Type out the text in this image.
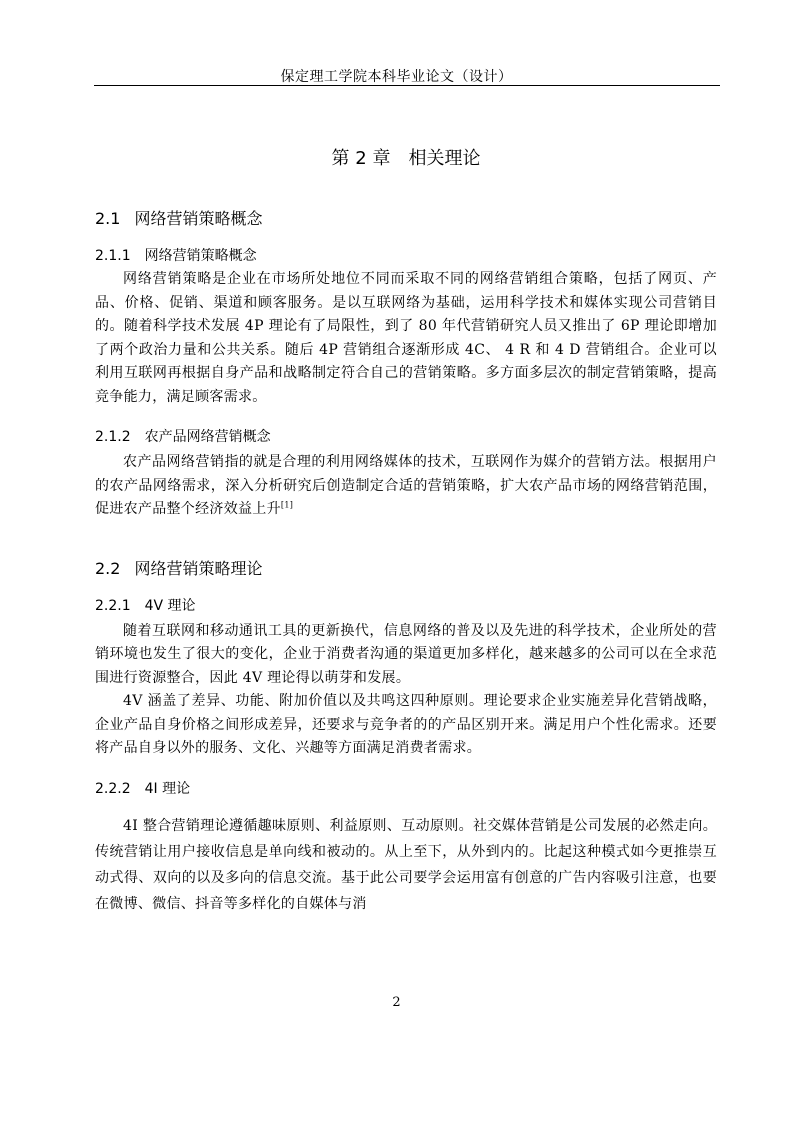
保定理工学院本科毕业论文（设计）
第 2 章　相关理论
2.1 网络营销策略概念
2.1.1 网络营销策略概念

网络营销策略是企业在市场所处地位不同而采取不同的网络营销组合策略，包括了网页、产品、价格、促销、渠道和顾客服务。是以互联网络为基础，运用科学技术和媒体实现公司营销目的。随着科学技术发展 4P 理论有了局限性，到了 80 年代营销研究人员又推出了 6P 理论即增加了两个政治力量和公共关系。随后 4P 营销组合逐渐形成 4C、 4 R 和 4 D 营销组合。企业可以利用互联网再根据自身产品和战略制定符合自己的营销策略。多方面多层次的制定营销策略，提高竞争能力，满足顾客需求。

2.1.2 农产品网络营销概念

农产品网络营销指的就是合理的利用网络媒体的技术，互联网作为媒介的营销方法。根据用户的农产品网络需求，深入分析研究后创造制定合适的营销策略，扩大农产品市场的网络营销范围，促进农产品整个经济效益上升[1]

2.2 网络营销策略理论
2.2.1 4V 理论

随着互联网和移动通讯工具的更新换代，信息网络的普及以及先进的科学技术，企业所处的营销环境也发生了很大的变化，企业于消费者沟通的渠道更加多样化，越来越多的公司可以在全求范围进行资源整合，因此 4V 理论得以萌芽和发展。

4V 涵盖了差异、功能、附加价值以及共鸣这四种原则。理论要求企业实施差异化营销战略，企业产品自身价格之间形成差异，还要求与竞争者的的产品区别开来。满足用户个性化需求。还要将产品自身以外的服务、文化、兴趣等方面满足消费者需求。

2.2.2 4I 理论

4I 整合营销理论遵循趣味原则、利益原则、互动原则。社交媒体营销是公司发展的必然走向。传统营销让用户接收信息是单向线和被动的。从上至下，从外到内的。比起这种模式如今更推崇互动式得、双向的以及多向的信息交流。基于此公司要学会运用富有创意的广告内容吸引注意，也要在微博、微信、抖音等多样化的自媒体与消

2
